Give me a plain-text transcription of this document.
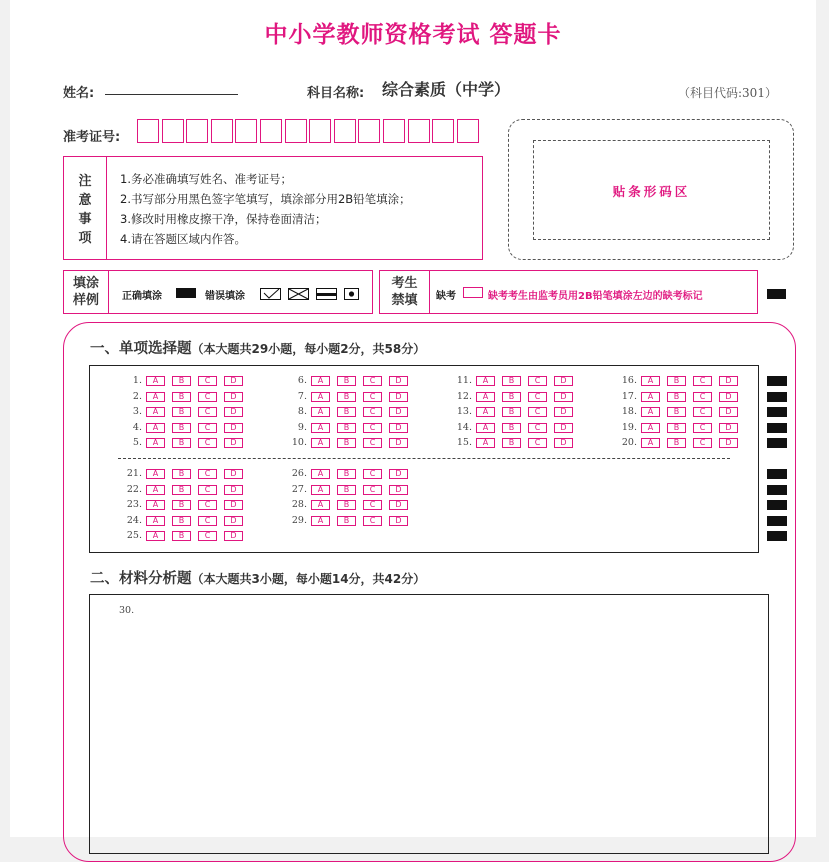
中小学教师资格考试 答题卡
姓名:	科目名称: 综合素质（中学）	（科目代码:301）
准考证号:
贴条形码区
注
意
事
项
1.务必准确填写姓名、准考证号；
2.书写部分用黑色签字笔填写，填涂部分用2B铅笔填涂；
3.修改时用橡皮擦干净，保持卷面清洁；
4.请在答题区域内作答。
填涂
样例	正确填涂	错误填涂
考生
禁填	缺考	缺考考生由监考员用2B铅笔填涂左边的缺考标记
一、单项选择题（本大题共29小题，每小题2分，共58分）
1.	A	B	C	D
2.	A	B	C	D
3.	A	B	C	D
4.	A	B	C	D
5.	A	B	C	D
6.	A	B	C	D
7.	A	B	C	D
8.	A	B	C	D
9.	A	B	C	D
10.	A	B	C	D
11.	A	B	C	D
12.	A	B	C	D
13.	A	B	C	D
14.	A	B	C	D
15.	A	B	C	D
16.	A	B	C	D
17.	A	B	C	D
18.	A	B	C	D
19.	A	B	C	D
20.	A	B	C	D
21.	A	B	C	D
22.	A	B	C	D
23.	A	B	C	D
24.	A	B	C	D
25.	A	B	C	D
26.	A	B	C	D
27.	A	B	C	D
28.	A	B	C	D
29.	A	B	C	D
二、材料分析题（本大题共3小题，每小题14分，共42分）
30.
